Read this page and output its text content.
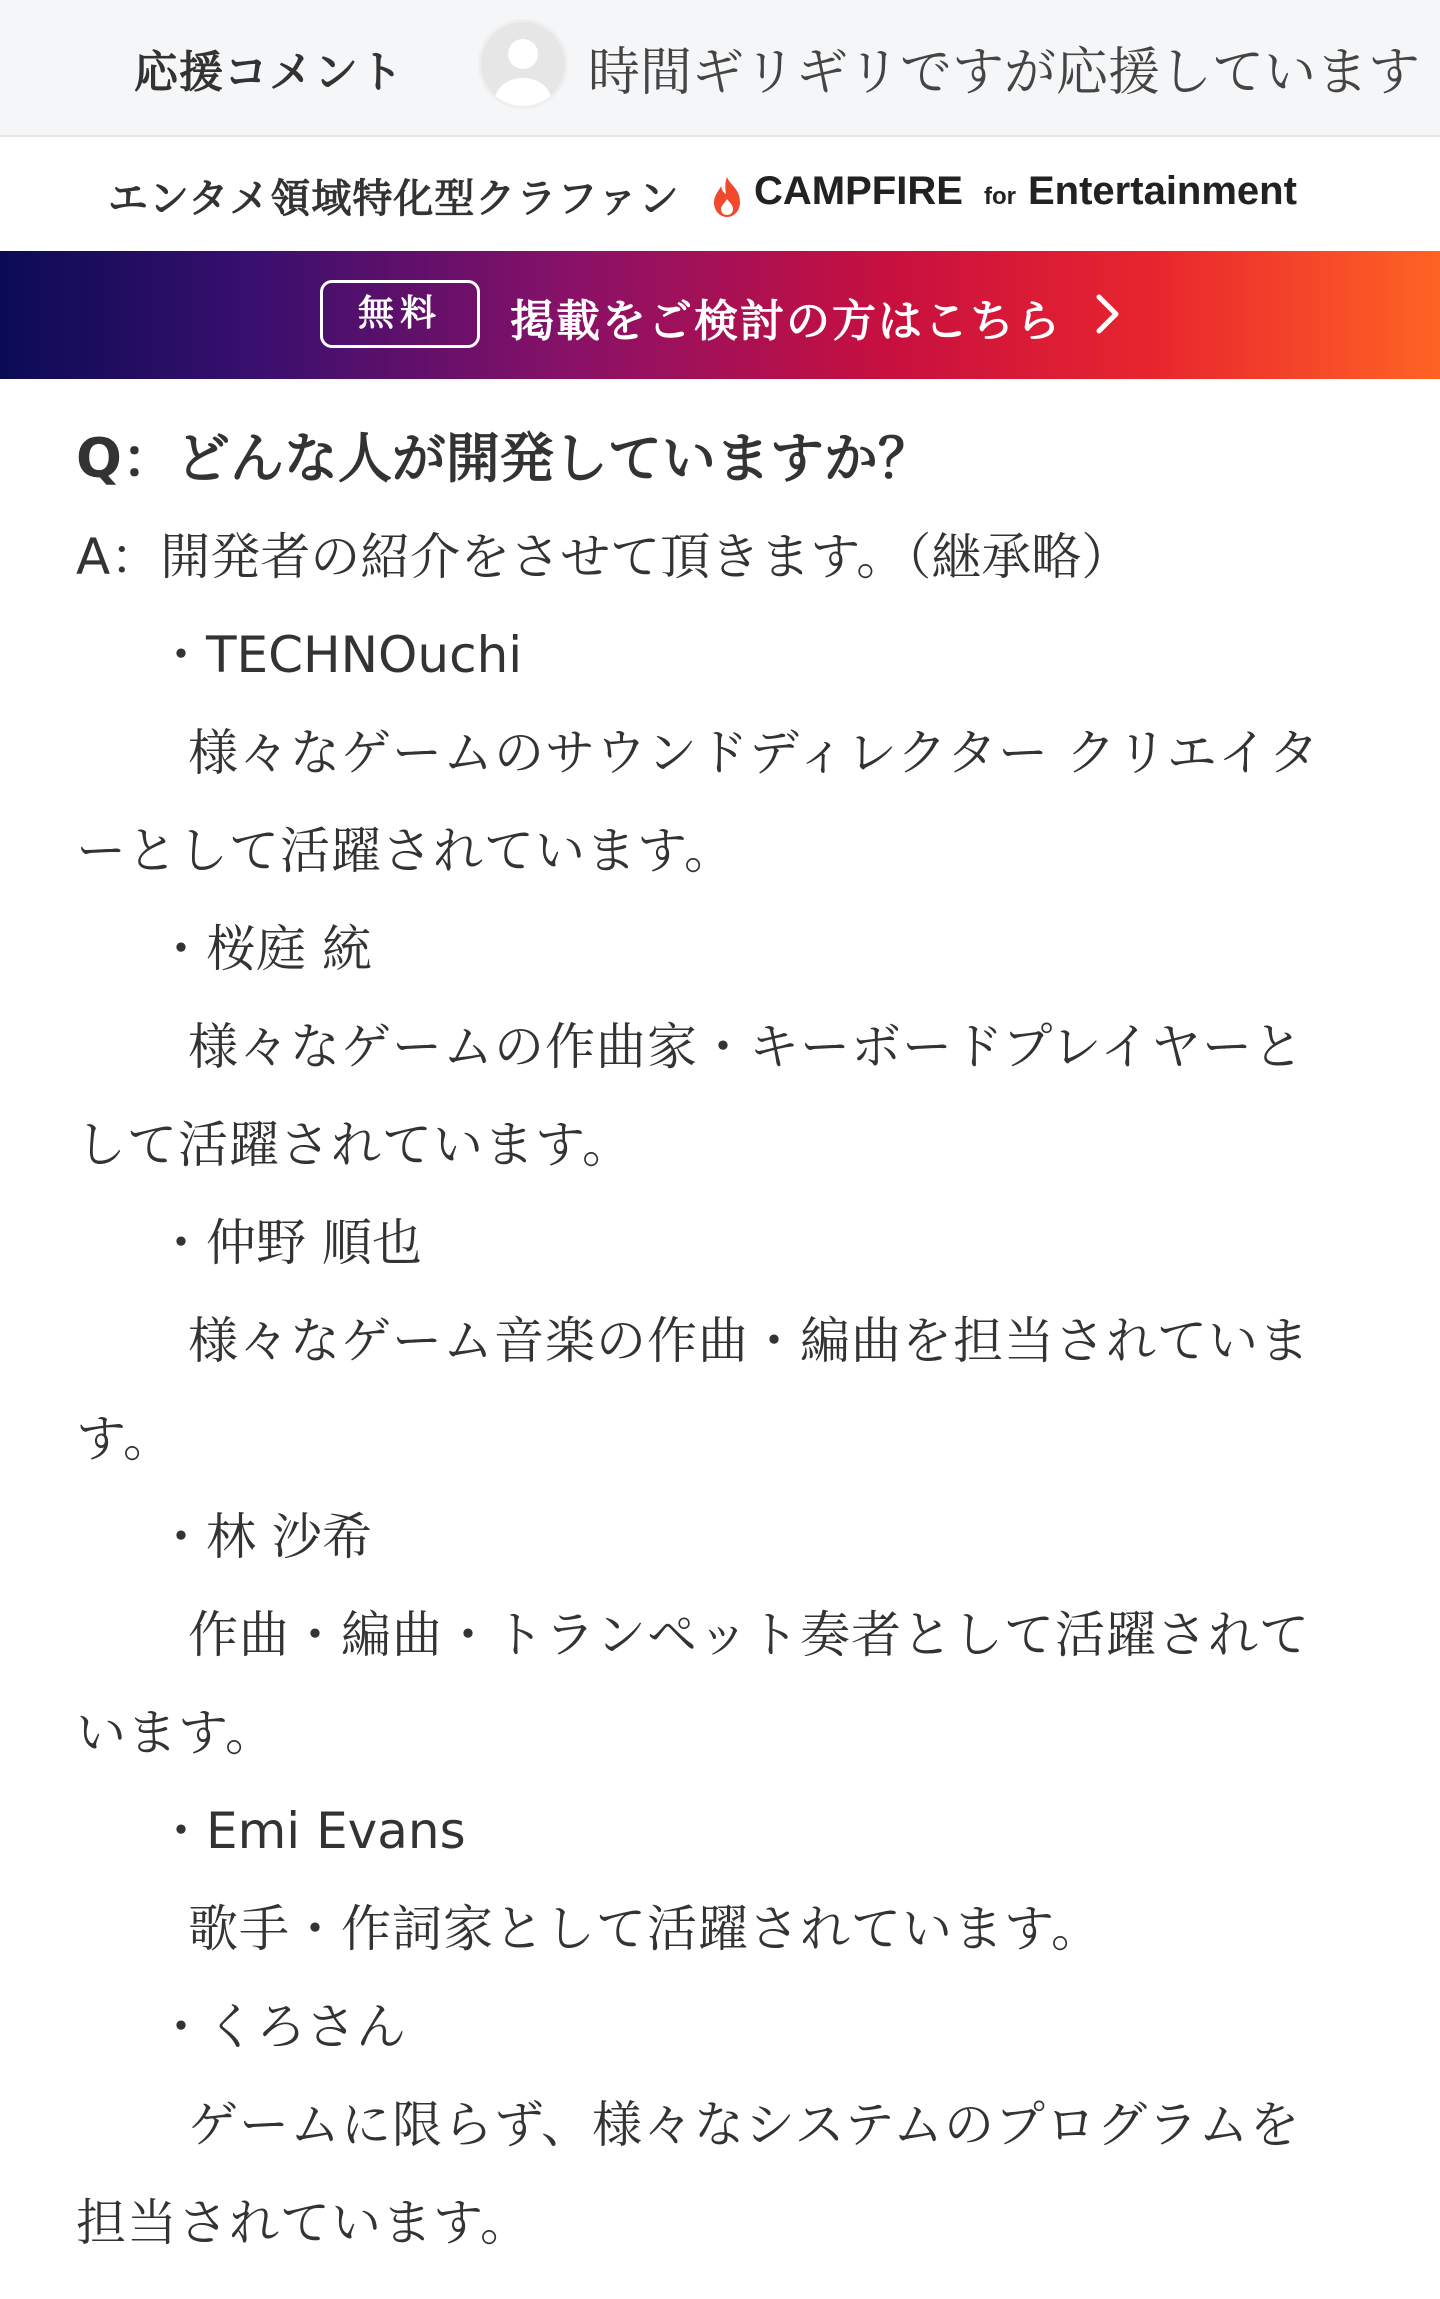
応援コメント	時間ギリギリですが応援しています
エンタメ領域特化型クラファン CAMPFIRE for Entertainment
無料	掲載をご検討の方はこちら
Q：どんな人が開発していますか？
A：開発者の紹介をさせて頂きます。（継承略）
・TECHNOuchi
様々なゲームのサウンドディレクター クリエイターとして活躍されています。
・桜庭 統
様々なゲームの作曲家・キーボードプレイヤーとして活躍されています。
・仲野 順也
様々なゲーム音楽の作曲・編曲を担当されています。
・林 沙希
作曲・編曲・トランペット奏者として活躍されています。
・Emi Evans
歌手・作詞家として活躍されています。
・くろさん
ゲームに限らず、様々なシステムのプログラムを担当されています。
